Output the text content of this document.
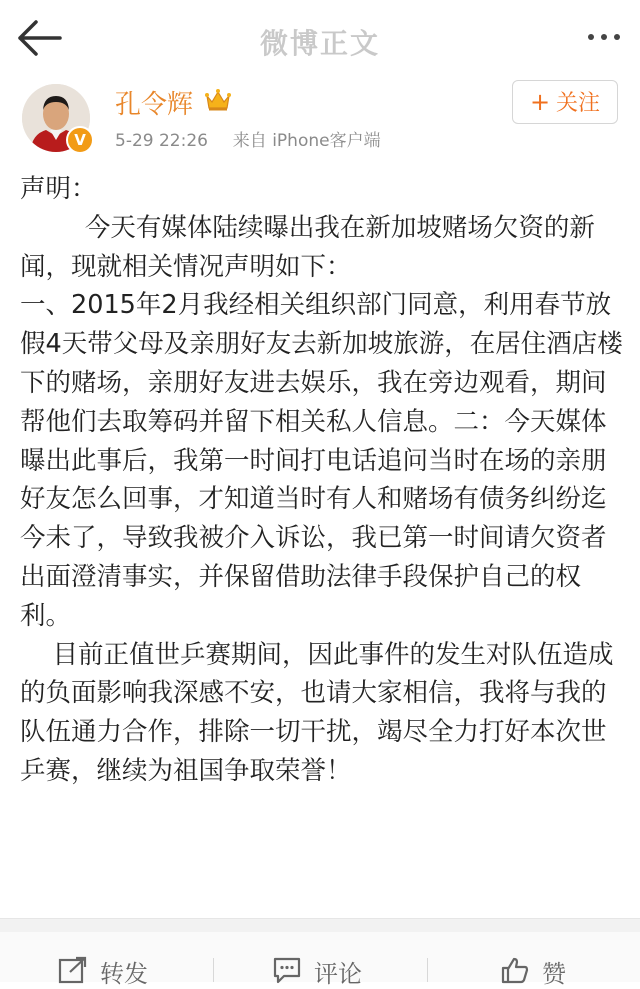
微博正文
V
孔令辉
5-29 22:26 来自 iPhone客户端
+ 关注

声明：

今天有媒体陆续曝出我在新加坡赌场欠资的新闻，现就相关情况声明如下：

一、2015年2月我经相关组织部门同意，利用春节放假4天带父母及亲朋好友去新加坡旅游，在居住酒店楼下的赌场，亲朋好友进去娱乐，我在旁边观看，期间帮他们去取筹码并留下相关私人信息。二：今天媒体曝出此事后，我第一时间打电话追问当时在场的亲朋好友怎么回事，才知道当时有人和赌场有债务纠纷迄今未了，导致我被介入诉讼，我已第一时间请欠资者出面澄清事实，并保留借助法律手段保护自己的权利。

目前正值世乒赛期间，因此事件的发生对队伍造成的负面影响我深感不安，也请大家相信，我将与我的队伍通力合作，排除一切干扰，竭尽全力打好本次世乒赛，继续为祖国争取荣誉！

转发	评论	赞
